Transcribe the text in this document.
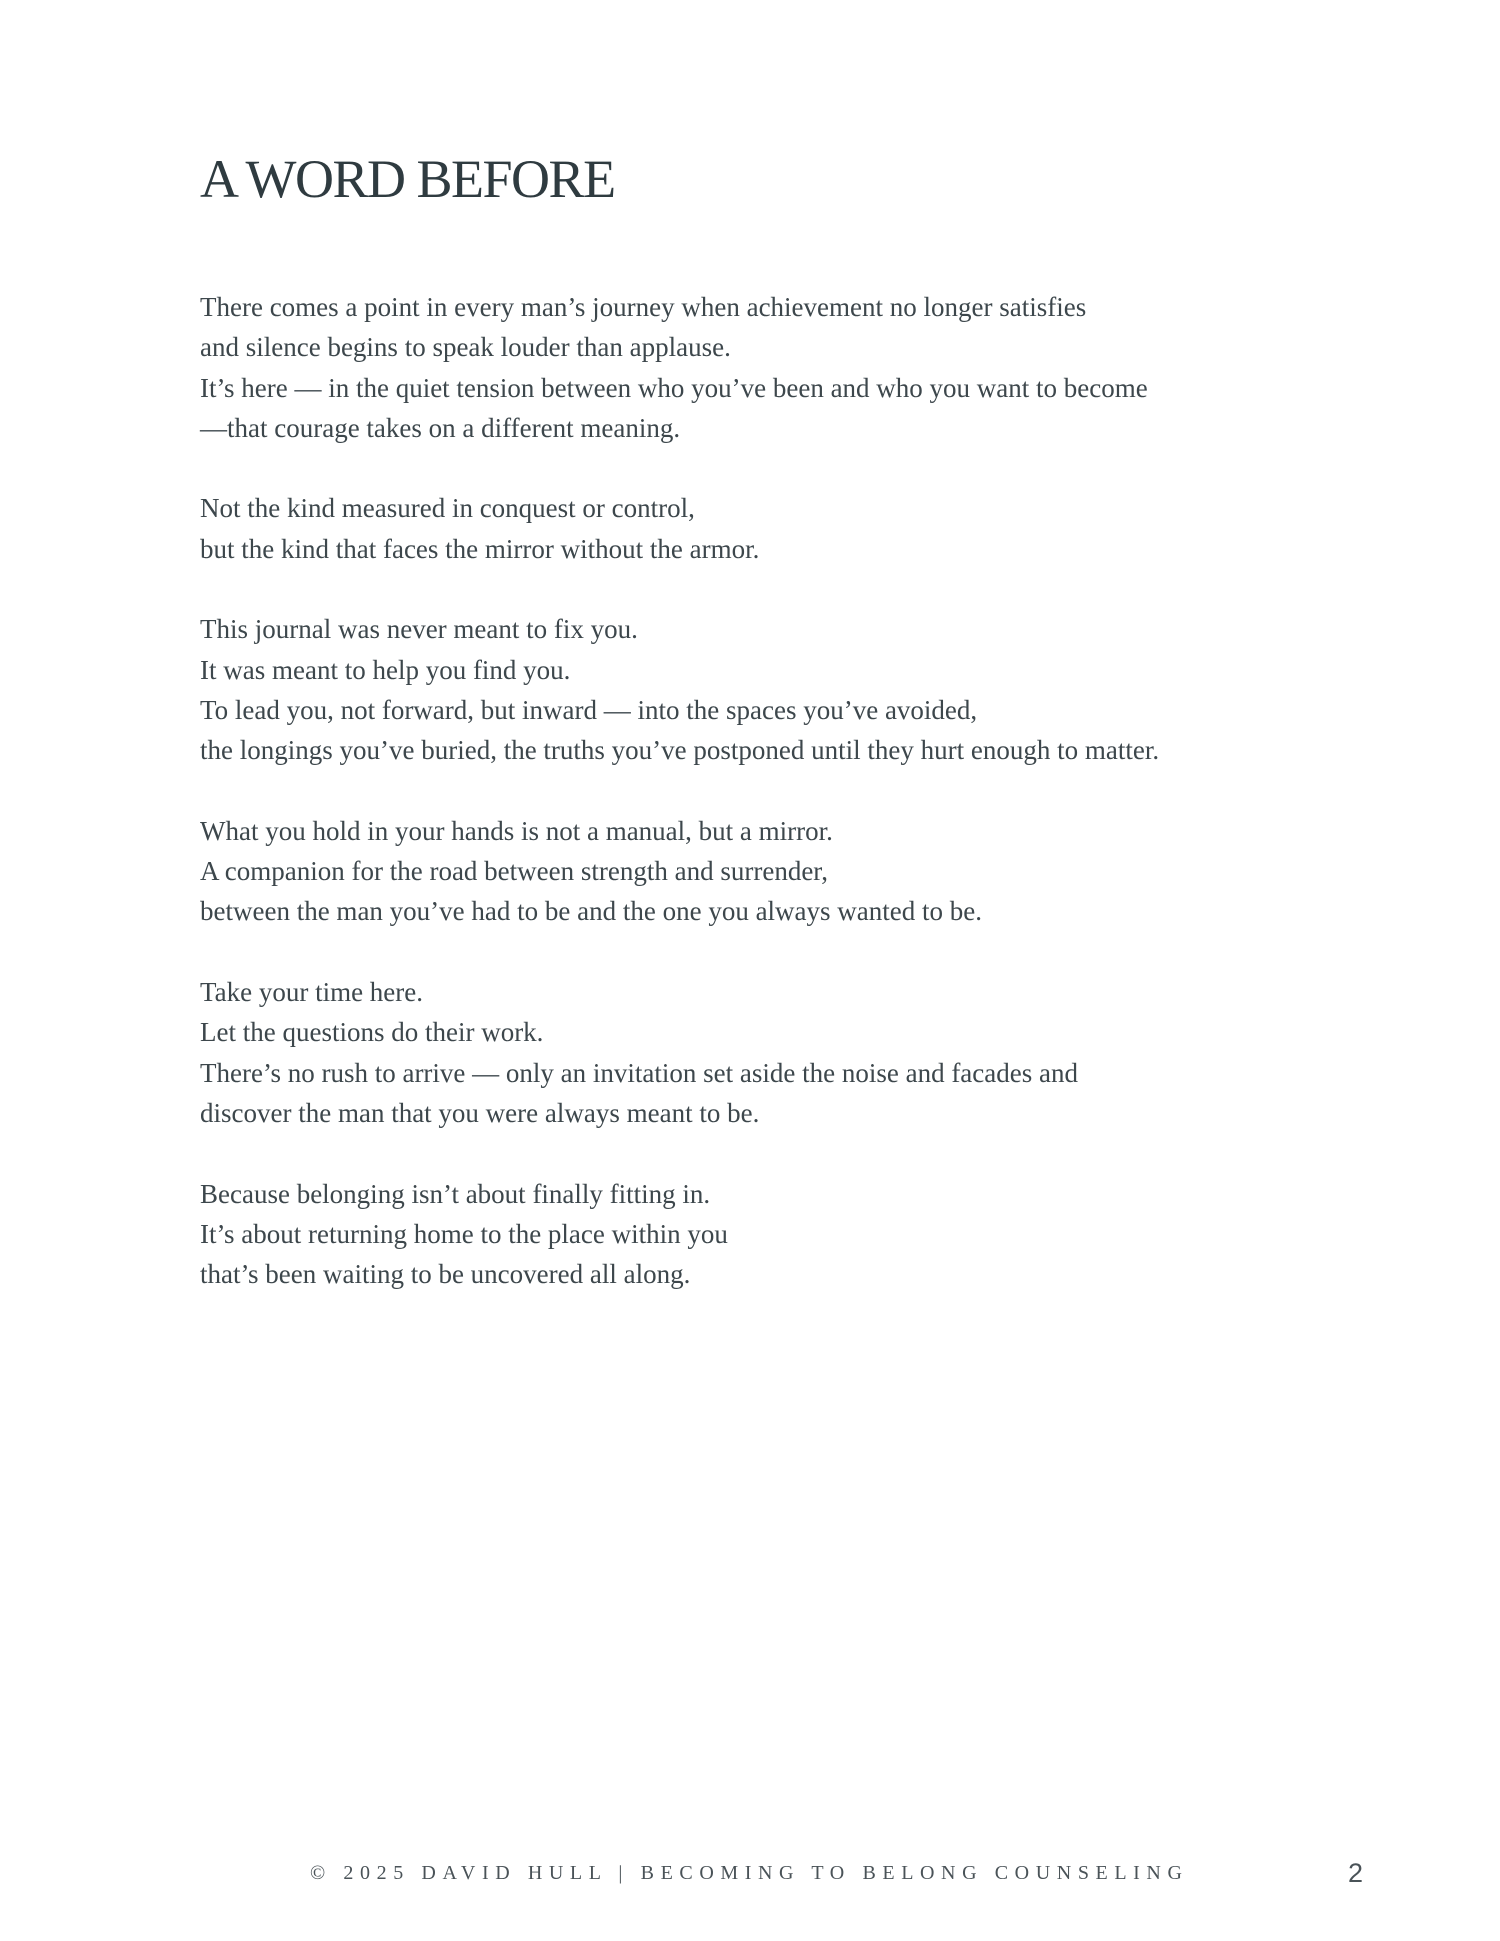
A WORD BEFORE

There comes a point in every man’s journey when achievement no longer satisfies
and silence begins to speak louder than applause.
It’s here — in the quiet tension between who you’ve been and who you want to become
—that courage takes on a different meaning.

Not the kind measured in conquest or control,
but the kind that faces the mirror without the armor.

This journal was never meant to fix you.
It was meant to help you find you.
To lead you, not forward, but inward — into the spaces you’ve avoided,
the longings you’ve buried, the truths you’ve postponed until they hurt enough to matter.

What you hold in your hands is not a manual, but a mirror.
A companion for the road between strength and surrender,
between the man you’ve had to be and the one you always wanted to be.

Take your time here.
Let the questions do their work.
There’s no rush to arrive — only an invitation set aside the noise and facades and
discover the man that you were always meant to be.

Because belonging isn’t about finally fitting in.
It’s about returning home to the place within you
that’s been waiting to be uncovered all along.

© 2025 DAVID HULL | BECOMING TO BELONG COUNSELING	2
